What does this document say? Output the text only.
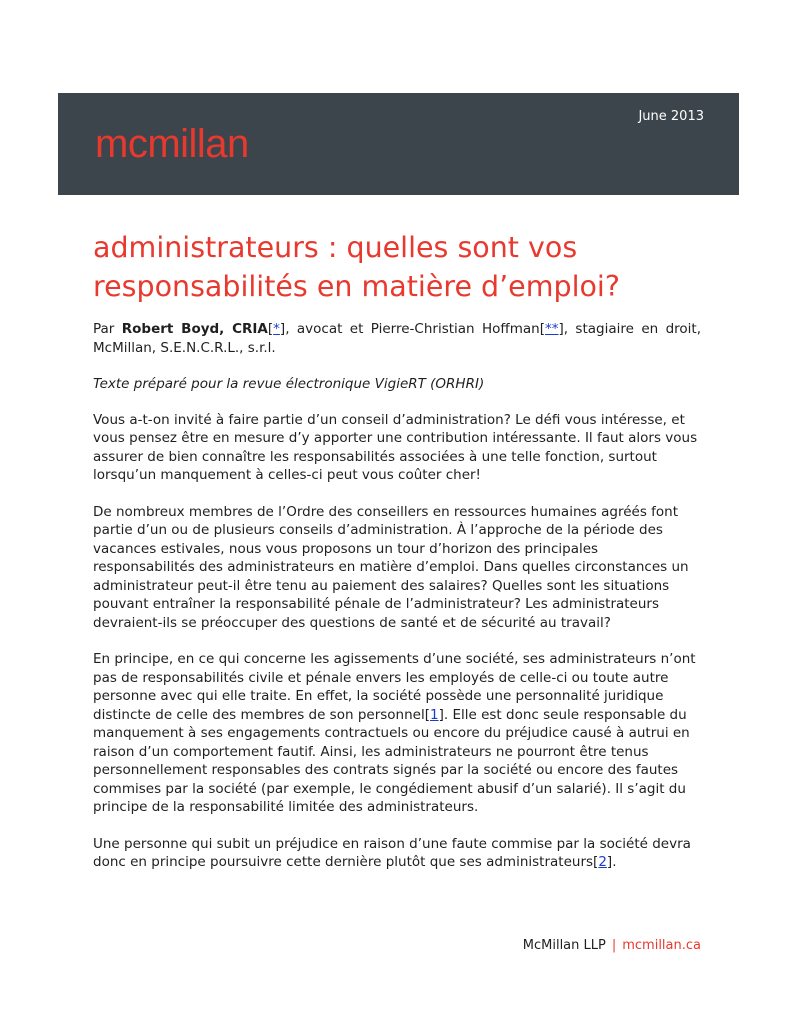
June 2013
mcmillan
administrateurs : quelles sont vos responsabilités en matière d’emploi?

Par Robert Boyd, CRIA[*], avocat et Pierre-Christian Hoffman[**], stagiaire en droit, McMillan, S.E.N.C.R.L., s.r.l.

Texte préparé pour la revue électronique VigieRT (ORHRI)

Vous a-t-on invité à faire partie d’un conseil d’administration? Le défi vous intéresse, et vous pensez être en mesure d’y apporter une contribution intéressante. Il faut alors vous assurer de bien connaître les responsabilités associées à une telle fonction, surtout lorsqu’un manquement à celles-ci peut vous coûter cher!

De nombreux membres de l’Ordre des conseillers en ressources humaines agréés font partie d’un ou de plusieurs conseils d’administration. À l’approche de la période des vacances estivales, nous vous proposons un tour d’horizon des principales responsabilités des administrateurs en matière d’emploi. Dans quelles circonstances un administrateur peut-il être tenu au paiement des salaires? Quelles sont les situations pouvant entraîner la responsabilité pénale de l’administrateur? Les administrateurs devraient-ils se préoccuper des questions de santé et de sécurité au travail?

En principe, en ce qui concerne les agissements d’une société, ses administrateurs n’ont pas de responsabilités civile et pénale envers les employés de celle-ci ou toute autre personne avec qui elle traite. En effet, la société possède une personnalité juridique distincte de celle des membres de son personnel[1]. Elle est donc seule responsable du manquement à ses engagements contractuels ou encore du préjudice causé à autrui en raison d’un comportement fautif. Ainsi, les administrateurs ne pourront être tenus personnellement responsables des contrats signés par la société ou encore des fautes commises par la société (par exemple, le congédiement abusif d’un salarié). Il s’agit du principe de la responsabilité limitée des administrateurs.

Une personne qui subit un préjudice en raison d’une faute commise par la société devra donc en principe poursuivre cette dernière plutôt que ses administrateurs[2].

McMillan LLP | mcmillan.ca
